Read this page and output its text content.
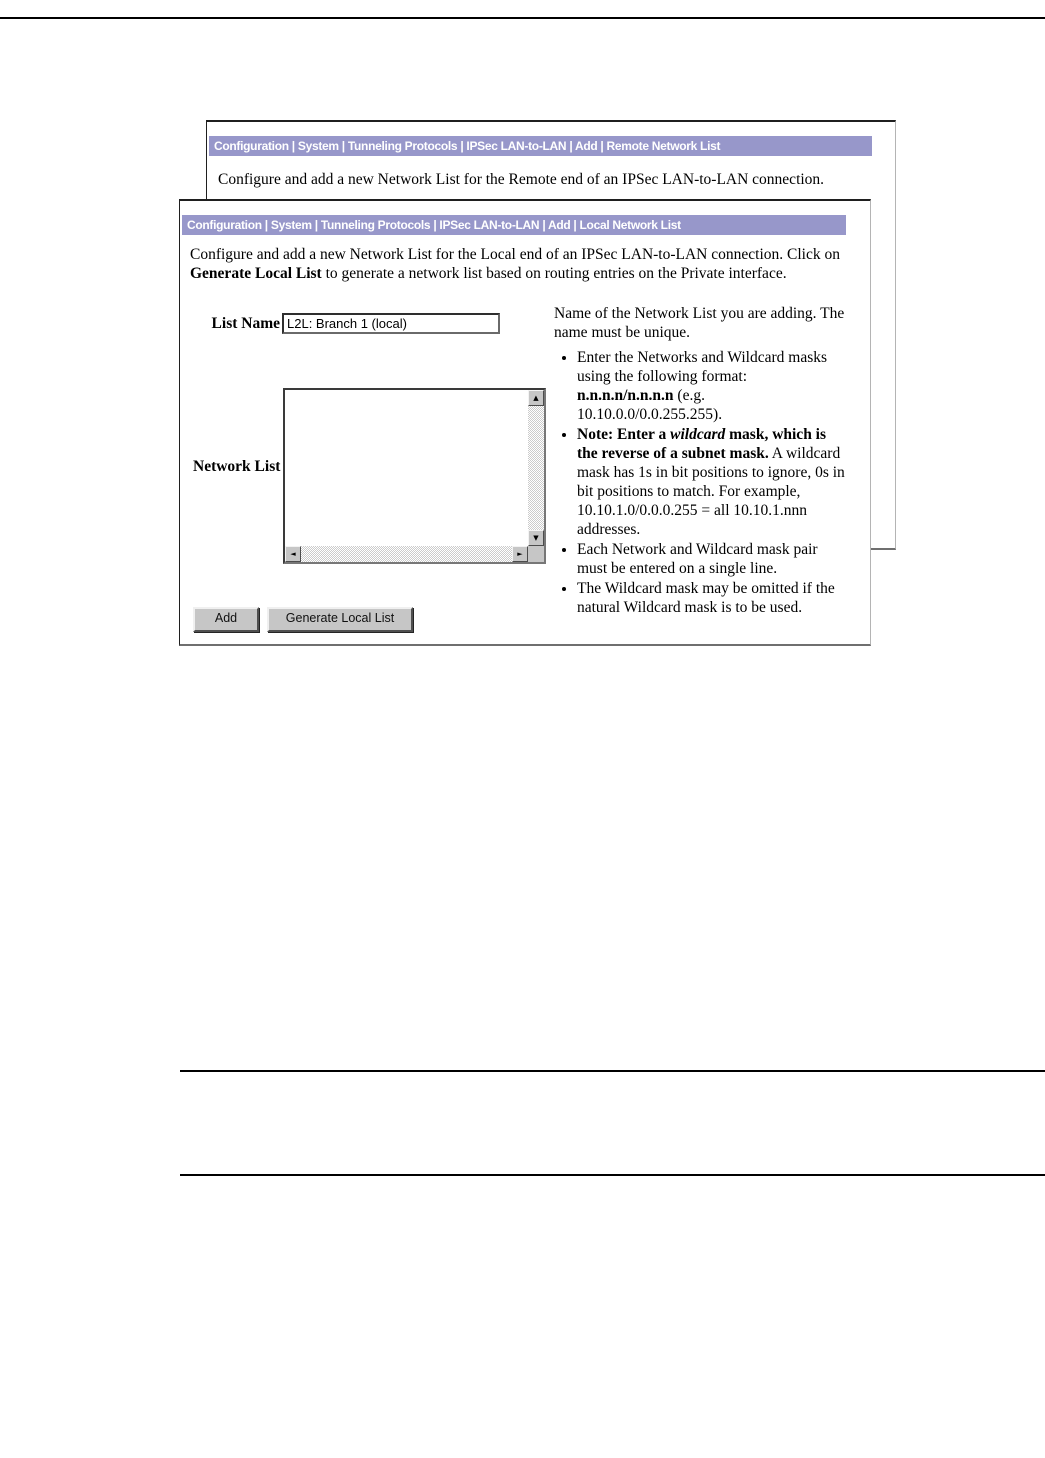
Configuration | System | Tunneling Protocols | IPSec LAN-to-LAN | Add | Remote Network List
Configure and add a new Network List for the Remote end of an IPSec LAN-to-LAN connection.
Configuration | System | Tunneling Protocols | IPSec LAN-to-LAN | Add | Local Network List
Configure and add a new Network List for the Local end of an IPSec LAN-to-LAN connection. Click on
Generate Local List to generate a network list based on routing entries on the Private interface.
List Name
L2L: Branch 1 (local)

Name of the Network List you are adding. The name must be unique.

• Enter the Networks and Wildcard masks using the following format: n.n.n.n/n.n.n.n (e.g. 10.10.0.0/0.0.255.255).
• Note: Enter a wildcard mask, which is the reverse of a subnet mask. A wildcard mask has 1s in bit positions to ignore, 0s in bit positions to match. For example, 10.10.1.0/0.0.0.255 = all 10.10.1.nnn addresses.
• Each Network and Wildcard mask pair must be entered on a single line.
• The Wildcard mask may be omitted if the natural Wildcard mask is to be used.
Network List
▲
▼
◄	►
Add	Generate Local List
